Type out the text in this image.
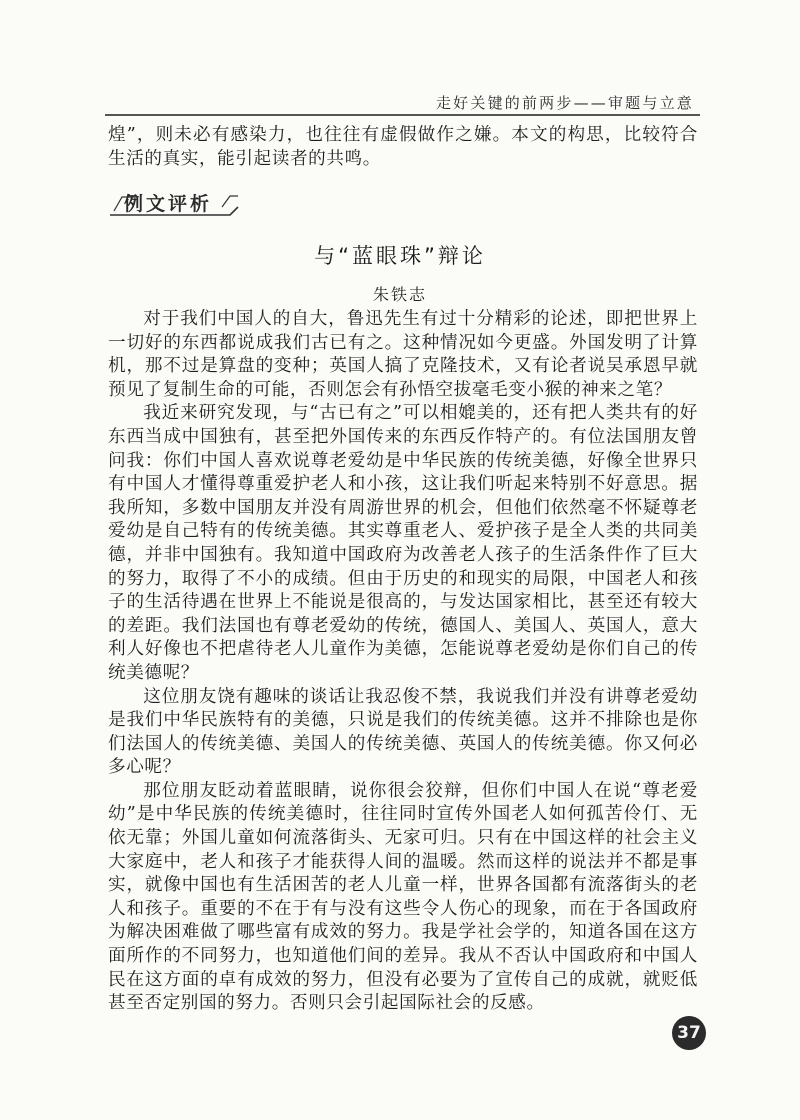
走好关键的前两步——审题与立意
煌”，则未必有感染力，也往往有虚假做作之嫌。本文的构思，比较符合生活的真实，能引起读者的共鸣。
例文评析
与“蓝眼珠”辩论
朱铁志

对于我们中国人的自大，鲁迅先生有过十分精彩的论述，即把世界上一切好的东西都说成我们古已有之。这种情况如今更盛。外国发明了计算机，那不过是算盘的变种；英国人搞了克隆技术，又有论者说吴承恩早就预见了复制生命的可能，否则怎会有孙悟空拔毫毛变小猴的神来之笔？

我近来研究发现，与“古已有之”可以相媲美的，还有把人类共有的好东西当成中国独有，甚至把外国传来的东西反作特产的。有位法国朋友曾问我：你们中国人喜欢说尊老爱幼是中华民族的传统美德，好像全世界只有中国人才懂得尊重爱护老人和小孩，这让我们听起来特别不好意思。据我所知，多数中国朋友并没有周游世界的机会，但他们依然毫不怀疑尊老爱幼是自己特有的传统美德。其实尊重老人、爱护孩子是全人类的共同美德，并非中国独有。我知道中国政府为改善老人孩子的生活条件作了巨大的努力，取得了不小的成绩。但由于历史的和现实的局限，中国老人和孩子的生活待遇在世界上不能说是很高的，与发达国家相比，甚至还有较大的差距。我们法国也有尊老爱幼的传统，德国人、美国人、英国人，意大利人好像也不把虐待老人儿童作为美德，怎能说尊老爱幼是你们自己的传统美德呢？

这位朋友饶有趣味的谈话让我忍俊不禁，我说我们并没有讲尊老爱幼是我们中华民族特有的美德，只说是我们的传统美德。这并不排除也是你们法国人的传统美德、美国人的传统美德、英国人的传统美德。你又何必多心呢？

那位朋友眨动着蓝眼睛，说你很会狡辩，但你们中国人在说“尊老爱幼”是中华民族的传统美德时，往往同时宣传外国老人如何孤苦伶仃、无依无靠；外国儿童如何流落街头、无家可归。只有在中国这样的社会主义大家庭中，老人和孩子才能获得人间的温暖。然而这样的说法并不都是事实，就像中国也有生活困苦的老人儿童一样，世界各国都有流落街头的老人和孩子。重要的不在于有与没有这些令人伤心的现象，而在于各国政府为解决困难做了哪些富有成效的努力。我是学社会学的，知道各国在这方面所作的不同努力，也知道他们间的差异。我从不否认中国政府和中国人民在这方面的卓有成效的努力，但没有必要为了宣传自己的成就，就贬低甚至否定别国的努力。否则只会引起国际社会的反感。

37
